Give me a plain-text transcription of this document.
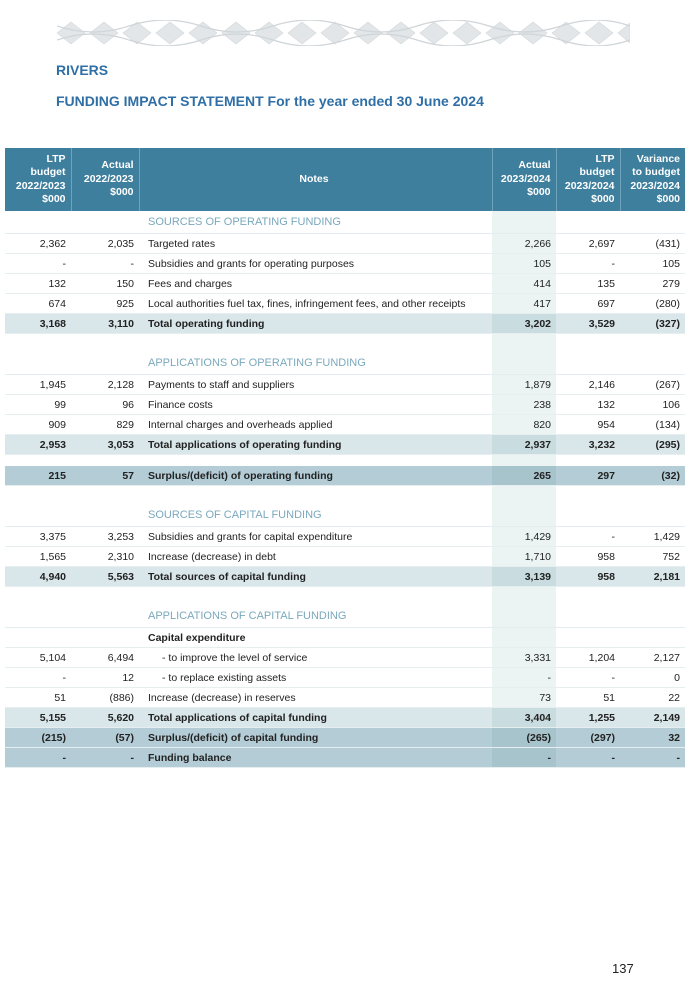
RIVERS
FUNDING IMPACT STATEMENT For the year ended 30 June 2024
LTP
budget
2022/2023
$000	Actual
2022/2023
$000	Notes	Actual
2023/2024
$000	LTP
budget
2023/2024
$000	Variance
to budget
2023/2024
$000
		SOURCES OF OPERATING FUNDING			
2,362	2,035	Targeted rates	2,266	2,697	(431)
-	-	Subsidies and grants for operating purposes	105	-	105
132	150	Fees and charges	414	135	279
674	925	Local authorities fuel tax, fines, infringement fees, and other receipts	417	697	(280)
3,168	3,110	Total operating funding	3,202	3,529	(327)

		APPLICATIONS OF OPERATING FUNDING			
1,945	2,128	Payments to staff and suppliers	1,879	2,146	(267)
99	96	Finance costs	238	132	106
909	829	Internal charges and overheads applied	820	954	(134)
2,953	3,053	Total applications of operating funding	2,937	3,232	(295)

215	57	Surplus/(deficit) of operating funding	265	297	(32)

		SOURCES OF CAPITAL FUNDING			
3,375	3,253	Subsidies and grants for capital expenditure	1,429	-	1,429
1,565	2,310	Increase (decrease) in debt	1,710	958	752
4,940	5,563	Total sources of capital funding	3,139	958	2,181

		APPLICATIONS OF CAPITAL FUNDING			
		Capital expenditure			
5,104	6,494	- to improve the level of service	3,331	1,204	2,127
-	12	- to replace existing assets	-	-	0
51	(886)	Increase (decrease) in reserves	73	51	22
5,155	5,620	Total applications of capital funding	3,404	1,255	2,149
(215)	(57)	Surplus/(deficit) of capital funding	(265)	(297)	32
-	-	Funding balance	-	-	-
137
